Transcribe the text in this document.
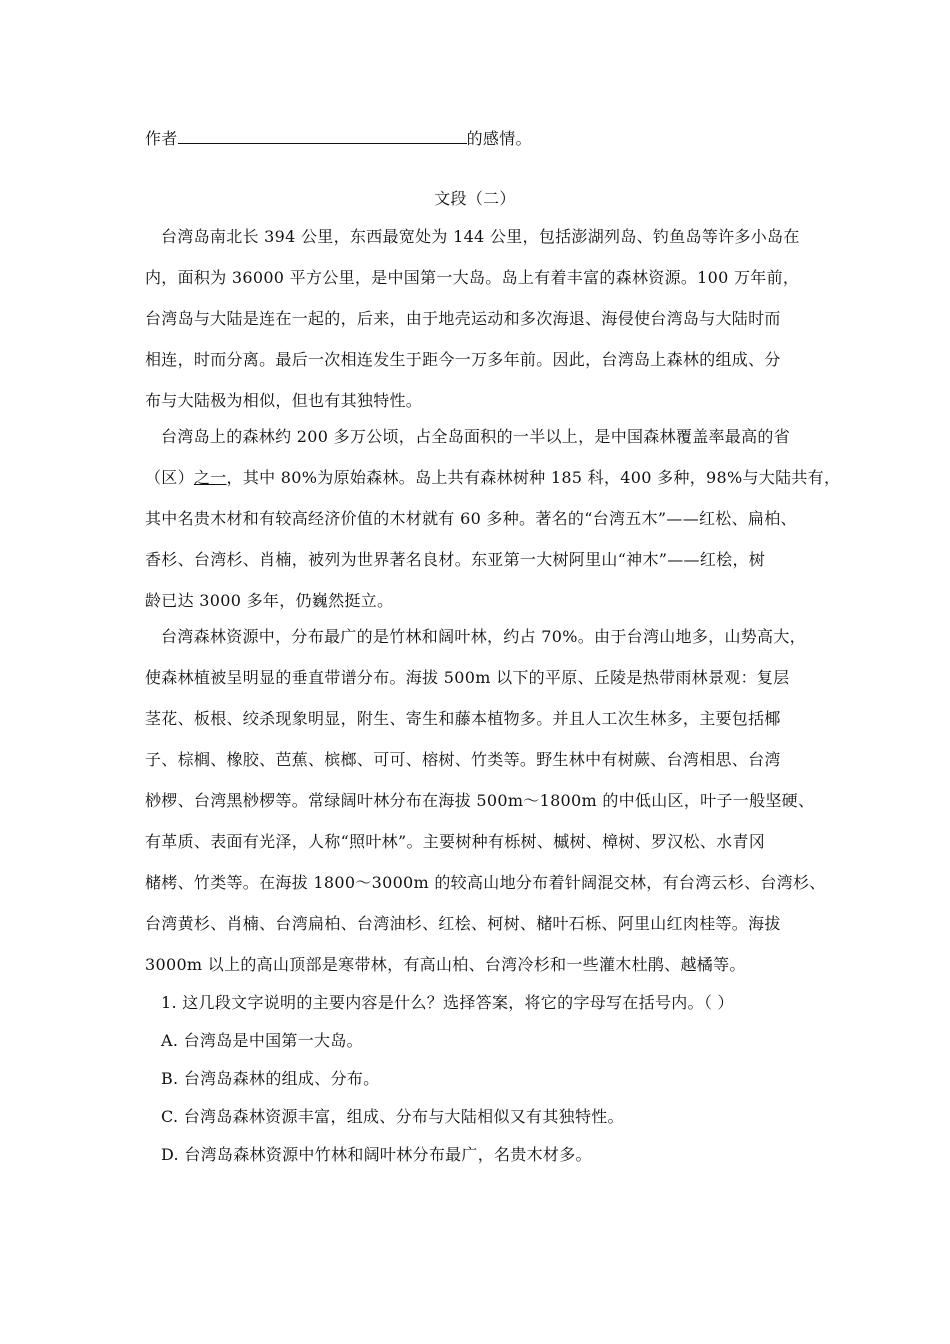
作者	的感情。
文段（二）
台湾岛南北长 394 公里，东西最宽处为 144 公里，包括澎湖列岛、钓鱼岛等许多小岛在
内，面积为 36000 平方公里，是中国第一大岛。岛上有着丰富的森林资源。100 万年前，
台湾岛与大陆是连在一起的，后来，由于地壳运动和多次海退、海侵使台湾岛与大陆时而
相连，时而分离。最后一次相连发生于距今一万多年前。因此，台湾岛上森林的组成、分
布与大陆极为相似，但也有其独特性。
台湾岛上的森林约 200 多万公顷，占全岛面积的一半以上，是中国森林覆盖率最高的省
（区）之一，其中 80%为原始森林。岛上共有森林树种 185 科，400 多种，98%与大陆共有，
其中名贵木材和有较高经济价值的木材就有 60 多种。著名的“台湾五木”——红松、扁柏、
香杉、台湾杉、肖楠，被列为世界著名良材。东亚第一大树阿里山“神木”——红桧，树
龄已达 3000 多年，仍巍然挺立。
台湾森林资源中，分布最广的是竹林和阔叶林，约占 70%。由于台湾山地多，山势高大，
使森林植被呈明显的垂直带谱分布。海拔 500m 以下的平原、丘陵是热带雨林景观：复层
茎花、板根、绞杀现象明显，附生、寄生和藤本植物多。并且人工次生林多，主要包括椰
子、棕榈、橡胶、芭蕉、槟榔、可可、榕树、竹类等。野生林中有树蕨、台湾相思、台湾
桫椤、台湾黑桫椤等。常绿阔叶林分布在海拔 500m～1800m 的中低山区，叶子一般坚硬、
有革质、表面有光泽，人称“照叶林”。主要树种有栎树、槭树、樟树、罗汉松、水青冈
槠栲、竹类等。在海拔 1800～3000m 的较高山地分布着针阔混交林，有台湾云杉、台湾杉、
台湾黄杉、肖楠、台湾扁柏、台湾油杉、红桧、柯树、槠叶石栎、阿里山红肉桂等。海拔
3000m 以上的高山顶部是寒带林，有高山柏、台湾冷杉和一些灌木杜鹃、越橘等。
1. 这几段文字说明的主要内容是什么？选择答案，将它的字母写在括号内。（ ）
A. 台湾岛是中国第一大岛。
B. 台湾岛森林的组成、分布。
C. 台湾岛森林资源丰富，组成、分布与大陆相似又有其独特性。
D. 台湾岛森林资源中竹林和阔叶林分布最广，名贵木材多。
